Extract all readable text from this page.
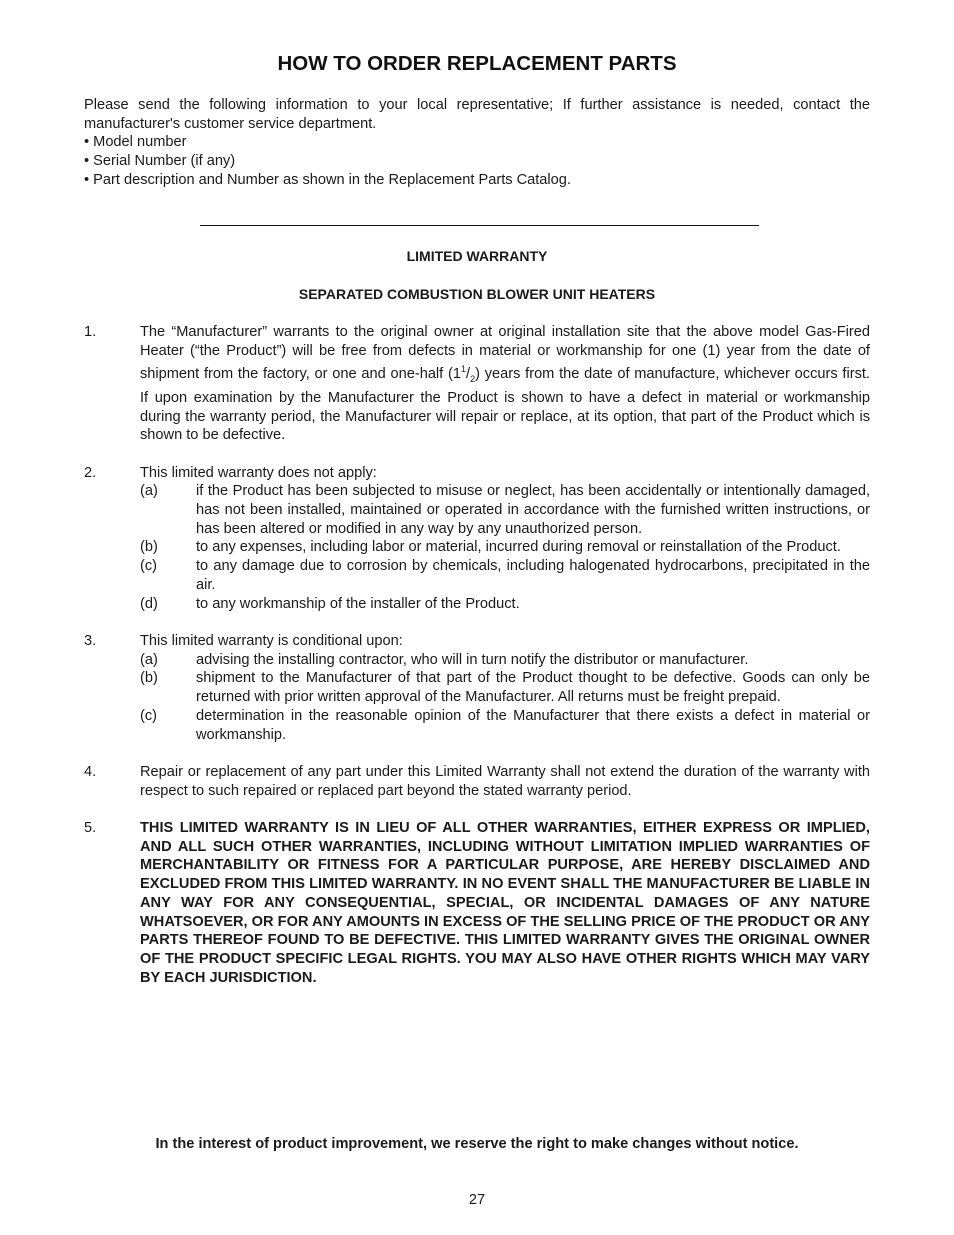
HOW TO ORDER REPLACEMENT PARTS

Please send the following information to your local representative; If further assistance is needed, contact the manufacturer's customer service department.

• Model number

• Serial Number (if any)

• Part description and Number as shown in the Replacement Parts Catalog.

LIMITED WARRANTY
SEPARATED COMBUSTION BLOWER UNIT HEATERS
1.	The “Manufacturer” warrants to the original owner at original installation site that the above model Gas-Fired Heater (“the Product”) will be free from defects in material or workmanship for one (1) year from the date of shipment from the factory, or one and one-half $(1^1/_2)$ years from the date of manufacture, whichever occurs first. If upon examination by the Manufacturer the Product is shown to have a defect in material or workmanship during the warranty period, the Manufacturer will repair or replace, at its option, that part of the Product which is shown to be defective.

2.	This limited warranty does not apply:

(a)	if the Product has been subjected to misuse or neglect, has been accidentally or intentionally damaged, has not been installed, maintained or operated in accordance with the furnished written instructions, or has been altered or modified in any way by any unauthorized person.

(b)	to any expenses, including labor or material, incurred during removal or reinstallation of the Product.

(c)	to any damage due to corrosion by chemicals, including halogenated hydrocarbons, precipitated in the air.

(d)	to any workmanship of the installer of the Product.

3.	This limited warranty is conditional upon:

(a)	advising the installing contractor, who will in turn notify the distributor or manufacturer.

(b)	shipment to the Manufacturer of that part of the Product thought to be defective. Goods can only be returned with prior written approval of the Manufacturer. All returns must be freight prepaid.

(c)	determination in the reasonable opinion of the Manufacturer that there exists a defect in material or workmanship.

4.	Repair or replacement of any part under this Limited Warranty shall not extend the duration of the warranty with respect to such repaired or replaced part beyond the stated warranty period.

5.	THIS LIMITED WARRANTY IS IN LIEU OF ALL OTHER WARRANTIES, EITHER EXPRESS OR IMPLIED, AND ALL SUCH OTHER WARRANTIES, INCLUDING WITHOUT LIMITATION IMPLIED WARRANTIES OF MERCHANTABILITY OR FITNESS FOR A PARTICULAR PURPOSE, ARE HEREBY DISCLAIMED AND EXCLUDED FROM THIS LIMITED WARRANTY. IN NO EVENT SHALL THE MANUFACTURER BE LIABLE IN ANY WAY FOR ANY CONSEQUENTIAL, SPECIAL, OR INCIDENTAL DAMAGES OF ANY NATURE WHATSOEVER, OR FOR ANY AMOUNTS IN EXCESS OF THE SELLING PRICE OF THE PRODUCT OR ANY PARTS THEREOF FOUND TO BE DEFECTIVE. THIS LIMITED WARRANTY GIVES THE ORIGINAL OWNER OF THE PRODUCT SPECIFIC LEGAL RIGHTS. YOU MAY ALSO HAVE OTHER RIGHTS WHICH MAY VARY BY EACH JURISDICTION.

In the interest of product improvement, we reserve the right to make changes without notice.
27
